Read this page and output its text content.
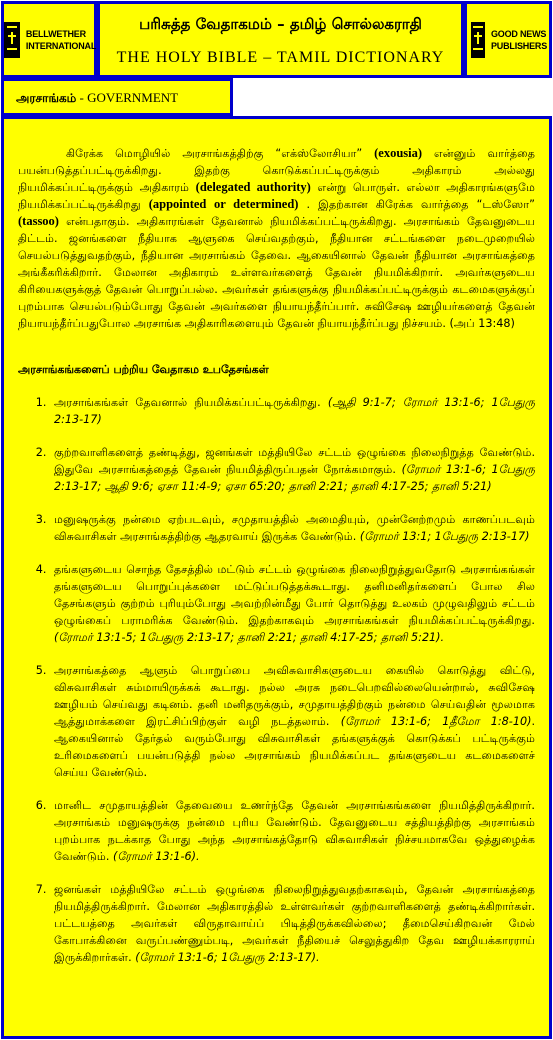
BELLWETHER
INTERNATIONAL
பரிசுத்த வேதாகமம் – தமிழ் சொல்லகராதி
THE HOLY BIBLE – TAMIL DICTIONARY
GOOD NEWS
PUBLISHERS
அரசாங்கம் - GOVERNMENT

கிரேக்க மொழியில் அரசாங்கத்திற்கு “எக்ஸ்லோசியா” (exousia) என்னும் வார்த்தை பயன்படுத்தப்பட்டிருக்கிறது. இதற்கு கொடுக்கப்பட்டிருக்கும் அதிகாரம் அல்லது நியமிக்கப்பட்டிருக்கும் அதிகாரம் (delegated authority) என்று பொருள். எல்லா அதிகாரங்களுமே நியமிக்கப்பட்டிருக்கிறது (appointed or determined) . இதற்கான கிரேக்க வார்த்தை “டஸ்ஸோ” (tassoo) என்பதாகும். அதிகாரங்கள் தேவனால் நியமிக்கப்பட்டிருக்கிறது. அரசாங்கம் தேவனுடைய திட்டம். ஜனங்களை நீதியாக ஆளுகை செய்வதற்கும், நீதியான சட்டங்களை நடைமுறையில் செயல்படுத்துவதற்கும், நீதியான அரசாங்கம் தேவை. ஆகையினால் தேவன் நீதியான அரசாங்கத்தை அங்கீகரிக்கிறார். மேலான அதிகாரம் உள்ளவர்களைத் தேவன் நியமிக்கிறார். அவர்களுடைய கிரியைகளுக்குத் தேவன் பொறுப்பல்ல. அவர்கள் தங்களுக்கு நியமிக்கப்பட்டிருக்கும் கடமைகளுக்குப் புறம்பாக செயல்படும்போது தேவன் அவர்களை நியாயந்தீர்ப்பார். சுவிசேஷ ஊழியர்களைத் தேவன் நியாயந்தீர்ப்பதுபோல அரசாங்க அதிகாரிகளையும் தேவன் நியாயந்தீர்ப்பது நிச்சயம். (அப் 13:48)

அரசாங்கங்களைப் பற்றிய வேதாகம உபதேசங்கள்
1. அரசாங்கங்கள் தேவனால் நியமிக்கப்பட்டிருக்கிறது. (ஆதி 9:1-7; ரோமர் 13:1-6; 1பேதுரு 2:13-17)
2. குற்றவாளிகளைத் தண்டித்து, ஜனங்கள் மத்தியிலே சட்டம் ஒழுங்கை நிலைநிறுத்த வேண்டும். இதுவே அரசாங்கத்தைத் தேவன் நியமித்திருப்பதன் நோக்கமாகும். (ரோமர் 13:1-6; 1பேதுரு 2:13-17; ஆதி 9:6; ஏசா 11:4-9; ஏசா 65:20; தானி 2:21; தானி 4:17-25; தானி 5:21)
3. மனுஷருக்கு நன்மை ஏற்படவும், சமுதாயத்தில் அமைதியும், முன்னேற்றமும் காணப்படவும் விசுவாசிகள் அரசாங்கத்திற்கு ஆதரவாய் இருக்க வேண்டும். (ரோமர் 13:1; 1பேதுரு 2:13-17)
4. தங்களுடைய சொந்த தேசத்தில் மட்டும் சட்டம் ஒழுங்கை நிலைநிறுத்துவதோடு அரசாங்கங்கள் தங்களுடைய பொறுப்புக்களை மட்டுப்படுத்தக்கூடாது. தனிமனிதர்களைப் போல சில தேசங்களும் குற்றம் புரியும்போது அவற்றின்மீது போர் தொடுத்து உலகம் முழுவதிலும் சட்டம் ஒழுங்கைப் பராமரிக்க வேண்டும். இதற்காகவும் அரசாங்கங்கள் நியமிக்கப்பட்டிருக்கிறது. (ரோமர் 13:1-5; 1பேதுரு 2:13-17; தானி 2:21; தானி 4:17-25; தானி 5:21).
5. அரசாங்கத்தை ஆளும் பொறுப்பை அவிசுவாசிகளுடைய கையில் கொடுத்து விட்டு, விசுவாசிகள் சும்மாயிருக்கக் கூடாது. நல்ல அரசு நடைபெறவில்லையென்றால், சுவிசேஷ ஊழியம் செய்வது கடினம். தனி மனிதருக்கும், சமுதாயத்திற்கும் நன்மை செய்வதின் மூலமாக ஆத்துமாக்களை இரட்சிப்பிற்குள் வழி நடத்தலாம். (ரோமர் 13:1-6; 1தீமோ 1:8-10). ஆகையினால் தேர்தல் வரும்போது விசுவாசிகள் தங்களுக்குக் கொடுக்கப் பட்டிருக்கும் உரிமைகளைப் பயன்படுத்தி நல்ல அரசாங்கம் நியமிக்கப்பட தங்களுடைய கடமைகளைச் செய்ய வேண்டும்.
6. மானிட சமுதாயத்தின் தேவையை உணர்ந்தே தேவன் அரசாங்கங்களை நியமித்திருக்கிறார். அரசாங்கம் மனுஷருக்கு நன்மை புரிய வேண்டும். தேவனுடைய சத்தியத்திற்கு அரசாங்கம் புறம்பாக நடக்காத போது அந்த அரசாங்கத்தோடு விசுவாசிகள் நிச்சயமாகவே ஒத்துழைக்க வேண்டும். (ரோமர் 13:1-6).
7. ஜனங்கள் மத்தியிலே சட்டம் ஒழுங்கை நிலைநிறுத்துவதற்காகவும், தேவன் அரசாங்கத்தை நியமித்திருக்கிறார். மேலான அதிகாரத்தில் உள்ளவர்கள் குற்றவாளிகளைத் தண்டிக்கிறார்கள். பட்டயத்தை அவர்கள் விருதாவாய்ப் பிடித்திருக்கவில்லை; தீமைசெய்கிறவன் மேல் கோபாக்கினை வருப்பண்ணும்படி, அவர்கள் நீதியைச் செலுத்துகிற தேவ ஊழியக்காரராய் இருக்கிறார்கள். (ரோமர் 13:1-6; 1பேதுரு 2:13-17).
